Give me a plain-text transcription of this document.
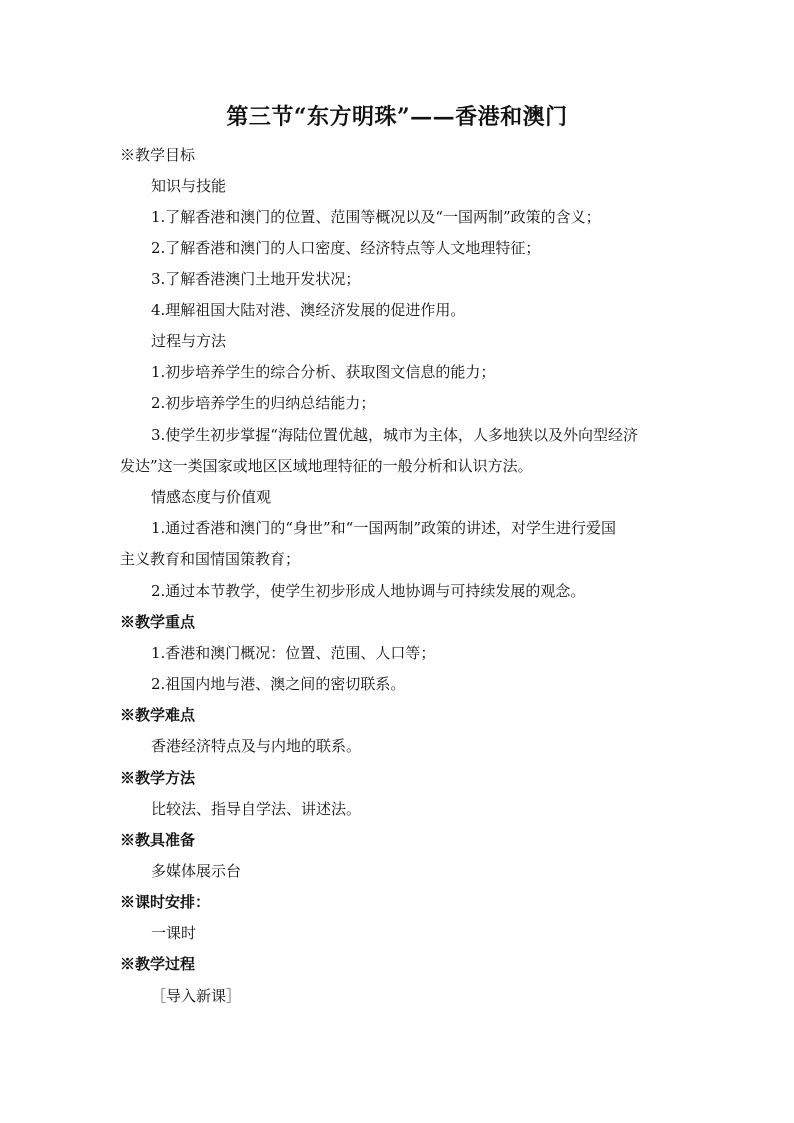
第三节“东方明珠”——香港和澳门

※教学目标

知识与技能

1.了解香港和澳门的位置、范围等概况以及“一国两制”政策的含义；

2.了解香港和澳门的人口密度、经济特点等人文地理特征；

3.了解香港澳门土地开发状况；

4.理解祖国大陆对港、澳经济发展的促进作用。

过程与方法

1.初步培养学生的综合分析、获取图文信息的能力；

2.初步培养学生的归纳总结能力；

3.使学生初步掌握“海陆位置优越，城市为主体，人多地狭以及外向型经济

发达”这一类国家或地区区域地理特征的一般分析和认识方法。

情感态度与价值观

1.通过香港和澳门的“身世”和“一国两制”政策的讲述，对学生进行爱国

主义教育和国情国策教育；

2.通过本节教学，使学生初步形成人地协调与可持续发展的观念。

※教学重点

1.香港和澳门概况：位置、范围、人口等；

2.祖国内地与港、澳之间的密切联系。

※教学难点

香港经济特点及与内地的联系。

※教学方法

比较法、指导自学法、讲述法。

※教具准备

多媒体展示台

※课时安排：

一课时

※教学过程

［导入新课］
